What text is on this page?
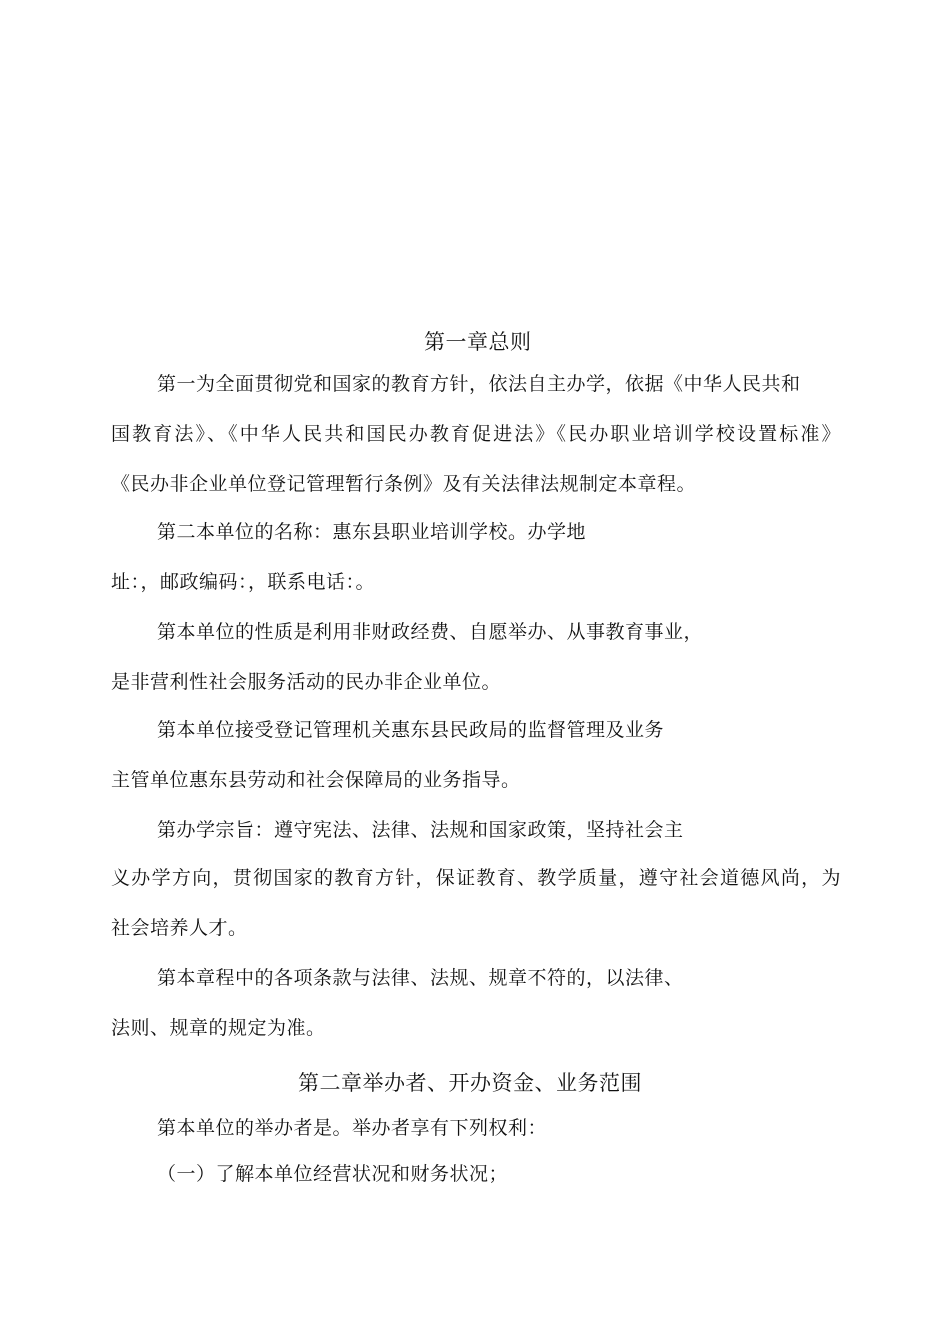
第一章总则
第一为全面贯彻党和国家的教育方针，依法自主办学，依据《中华人民共和
国教育法》、《中华人民共和国民办教育促进法》《民办职业培训学校设置标准》
《民办非企业单位登记管理暂行条例》及有关法律法规制定本章程。
第二本单位的名称：惠东县职业培训学校。办学地
址：，邮政编码：，联系电话：。
第本单位的性质是利用非财政经费、自愿举办、从事教育事业，
是非营利性社会服务活动的民办非企业单位。
第本单位接受登记管理机关惠东县民政局的监督管理及业务
主管单位惠东县劳动和社会保障局的业务指导。
第办学宗旨：遵守宪法、法律、法规和国家政策，坚持社会主
义办学方向，贯彻国家的教育方针，保证教育、教学质量，遵守社会道德风尚，为
社会培养人才。
第本章程中的各项条款与法律、法规、规章不符的，以法律、
法则、规章的规定为准。
第二章举办者、开办资金、业务范围
第本单位的举办者是。举办者享有下列权利：
（一）了解本单位经营状况和财务状况；
